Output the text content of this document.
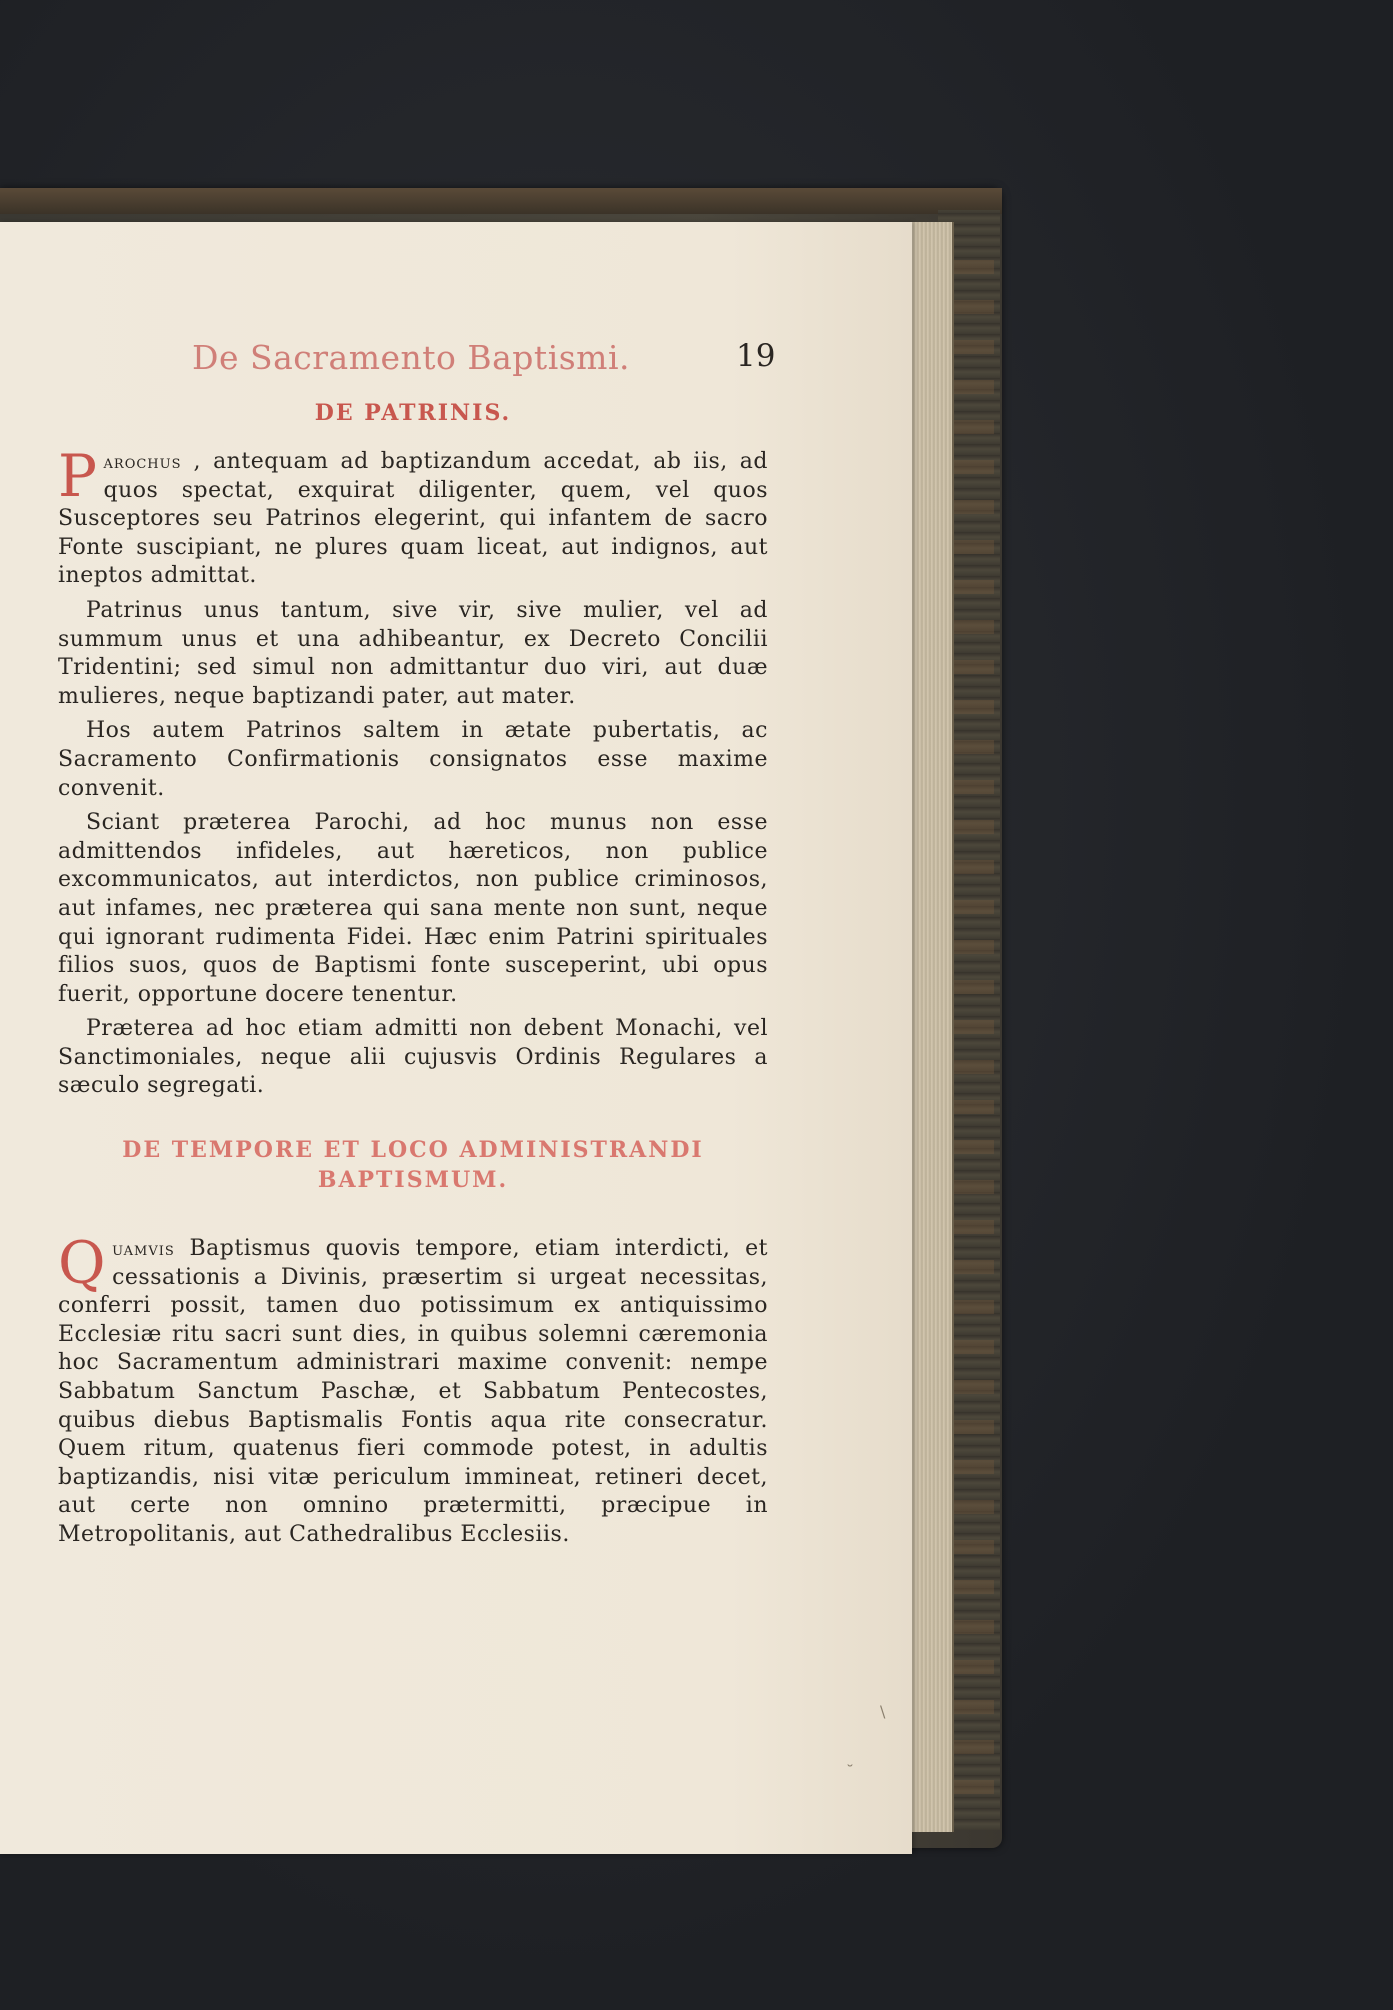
De Sacramento Baptismi.	19
DE PATRINIS.

Parochus , antequam ad baptizandum accedat, ab iis, ad quos spectat, exquirat diligenter, quem, vel quos Susceptores seu Patrinos elegerint, qui infantem de sacro Fonte suscipiant, ne plures quam liceat, aut indignos, aut ineptos admittat.

Patrinus unus tantum, sive vir, sive mulier, vel ad summum unus et una adhibeantur, ex Decreto Concilii Tridentini; sed simul non admittantur duo viri, aut duæ mulieres, neque baptizandi pater, aut mater.

Hos autem Patrinos saltem in ætate pubertatis, ac Sacramento Confirmationis consignatos esse maxime convenit.

Sciant præterea Parochi, ad hoc munus non esse admittendos infideles, aut hæreticos, non publice excommunicatos, aut interdictos, non publice criminosos, aut infames, nec præterea qui sana mente non sunt, neque qui ignorant rudimenta Fidei. Hæc enim Patrini spirituales filios suos, quos de Baptismi fonte susceperint, ubi opus fuerit, opportune docere tenentur.

Præterea ad hoc etiam admitti non debent Monachi, vel Sanctimoniales, neque alii cujusvis Ordinis Regulares a sæculo segregati.

DE TEMPORE ET LOCO ADMINISTRANDI
BAPTISMUM.

Quamvis Baptismus quovis tempore, etiam interdicti, et cessationis a Divinis, præsertim si urgeat necessitas, conferri possit, tamen duo potissimum ex antiquissimo Ecclesiæ ritu sacri sunt dies, in quibus solemni cæremonia hoc Sacramentum administrari maxime convenit: nempe Sabbatum Sanctum Paschæ, et Sabbatum Pentecostes, quibus diebus Baptismalis Fontis aqua rite consecratur. Quem ritum, quatenus fieri commode potest, in adultis baptizandis, nisi vitæ periculum immineat, retineri decet, aut certe non omnino prætermitti, præcipue in Metropolitanis, aut Cathedralibus Ecclesiis.

\
˘
